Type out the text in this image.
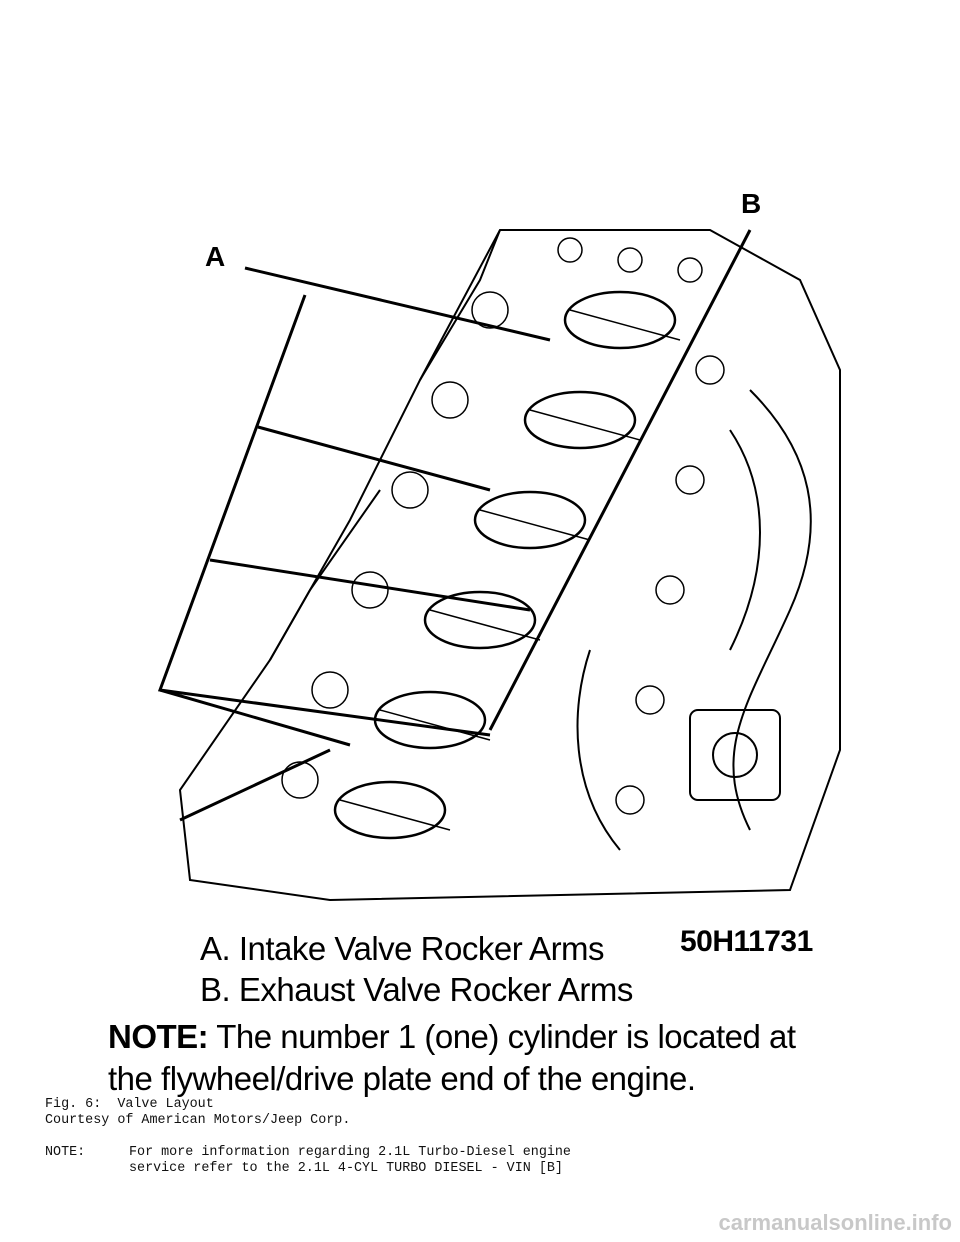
A
B
A. Intake Valve Rocker Arms	50H11731
B. Exhaust Valve Rocker Arms
NOTE: The number 1 (one) cylinder is located at
the flywheel/drive plate end of the engine.
Fig. 6:  Valve Layout
Courtesy of American Motors/Jeep Corp.
NOTE:	For more information regarding 2.1L Turbo-Diesel engine
service refer to the 2.1L 4-CYL TURBO DIESEL - VIN [B]
carmanualsonline.info
